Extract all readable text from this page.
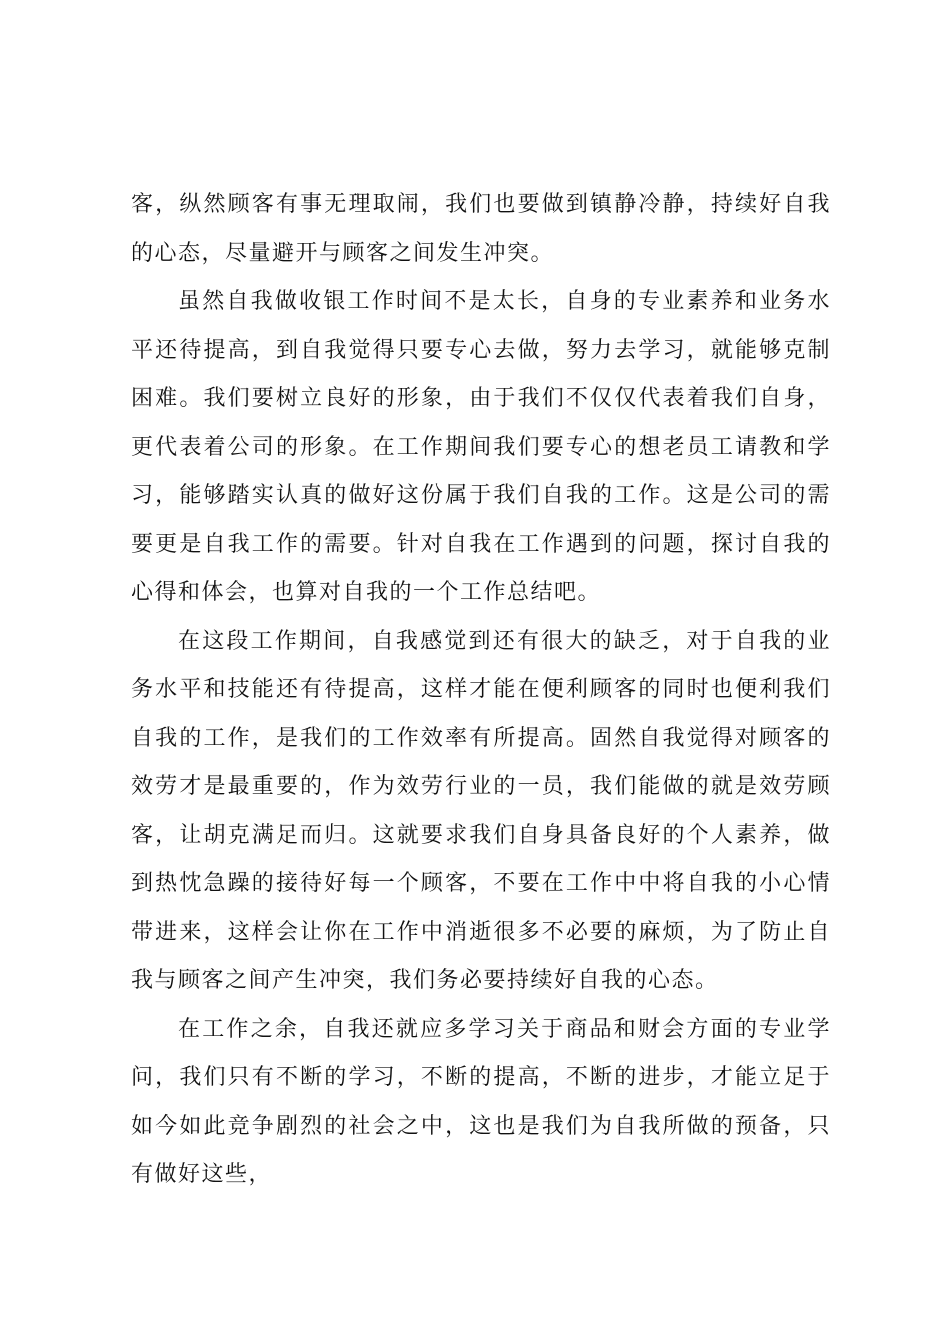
客，纵然顾客有事无理取闹，我们也要做到镇静冷静，持续好自我的心态，尽量避开与顾客之间发生冲突。

虽然自我做收银工作时间不是太长，自身的专业素养和业务水平还待提高，到自我觉得只要专心去做，努力去学习，就能够克制困难。我们要树立良好的形象，由于我们不仅仅代表着我们自身，更代表着公司的形象。在工作期间我们要专心的想老员工请教和学习，能够踏实认真的做好这份属于我们自我的工作。这是公司的需要更是自我工作的需要。针对自我在工作遇到的问题，探讨自我的心得和体会，也算对自我的一个工作总结吧。

在这段工作期间，自我感觉到还有很大的缺乏，对于自我的业务水平和技能还有待提高，这样才能在便利顾客的同时也便利我们自我的工作，是我们的工作效率有所提高。固然自我觉得对顾客的效劳才是最重要的，作为效劳行业的一员，我们能做的就是效劳顾客，让胡克满足而归。这就要求我们自身具备良好的个人素养，做到热忱急躁的接待好每一个顾客，不要在工作中中将自我的小心情带进来，这样会让你在工作中消逝很多不必要的麻烦，为了防止自我与顾客之间产生冲突，我们务必要持续好自我的心态。

在工作之余，自我还就应多学习关于商品和财会方面的专业学问，我们只有不断的学习，不断的提高，不断的进步，才能立足于如今如此竞争剧烈的社会之中，这也是我们为自我所做的预备，只有做好这些，
